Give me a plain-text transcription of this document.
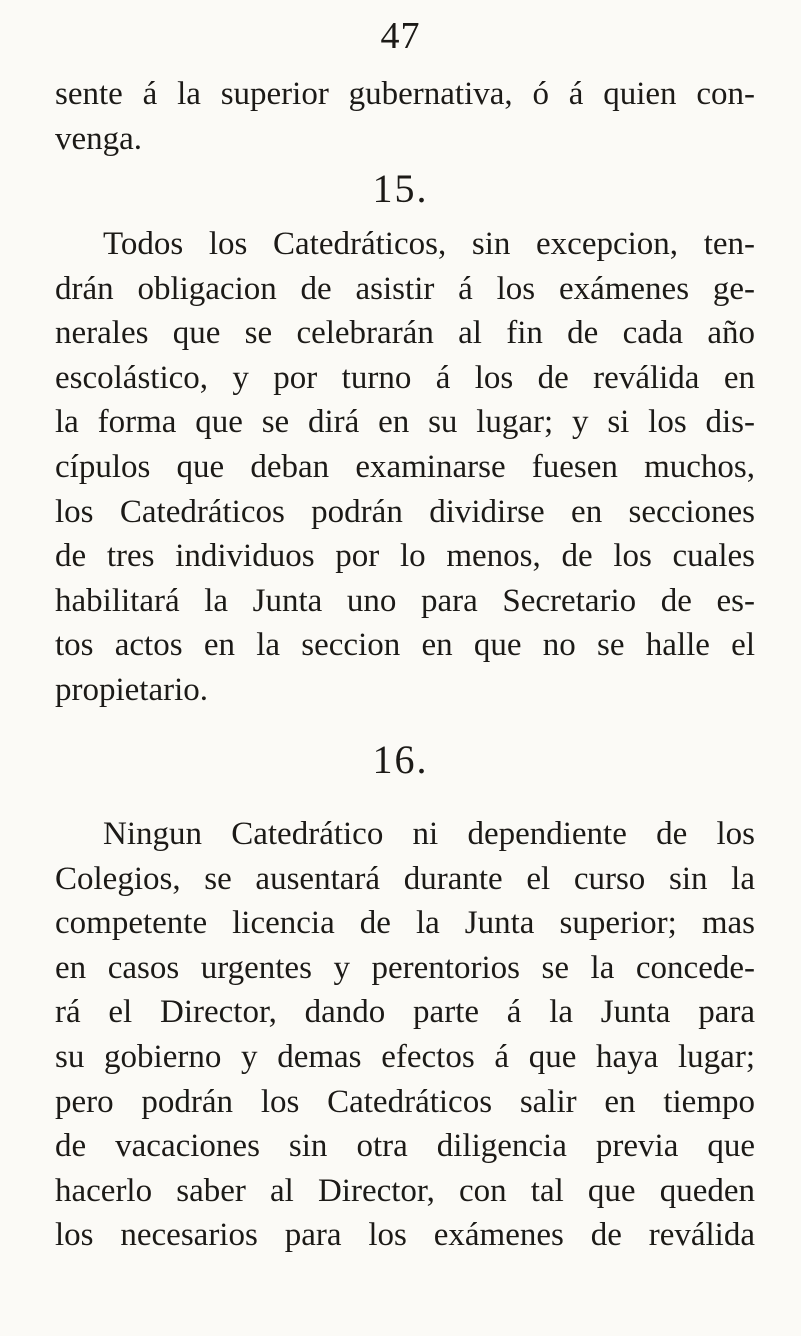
47
sente á la superior gubernativa, ó á quien con-
venga.
15.
Todos los Catedráticos, sin excepcion, ten-
drán obligacion de asistir á los exámenes ge-
nerales que se celebrarán al fin de cada año
escolástico, y por turno á los de reválida en
la forma que se dirá en su lugar; y si los dis-
cípulos que deban examinarse fuesen muchos,
los Catedráticos podrán dividirse en secciones
de tres individuos por lo menos, de los cuales
habilitará la Junta uno para Secretario de es-
tos actos en la seccion en que no se halle el
propietario.
16.
Ningun Catedrático ni dependiente de los
Colegios, se ausentará durante el curso sin la
competente licencia de la Junta superior; mas
en casos urgentes y perentorios se la concede-
rá el Director, dando parte á la Junta para
su gobierno y demas efectos á que haya lugar;
pero podrán los Catedráticos salir en tiempo
de vacaciones sin otra diligencia previa que
hacerlo saber al Director, con tal que queden
los necesarios para los exámenes de reválida
